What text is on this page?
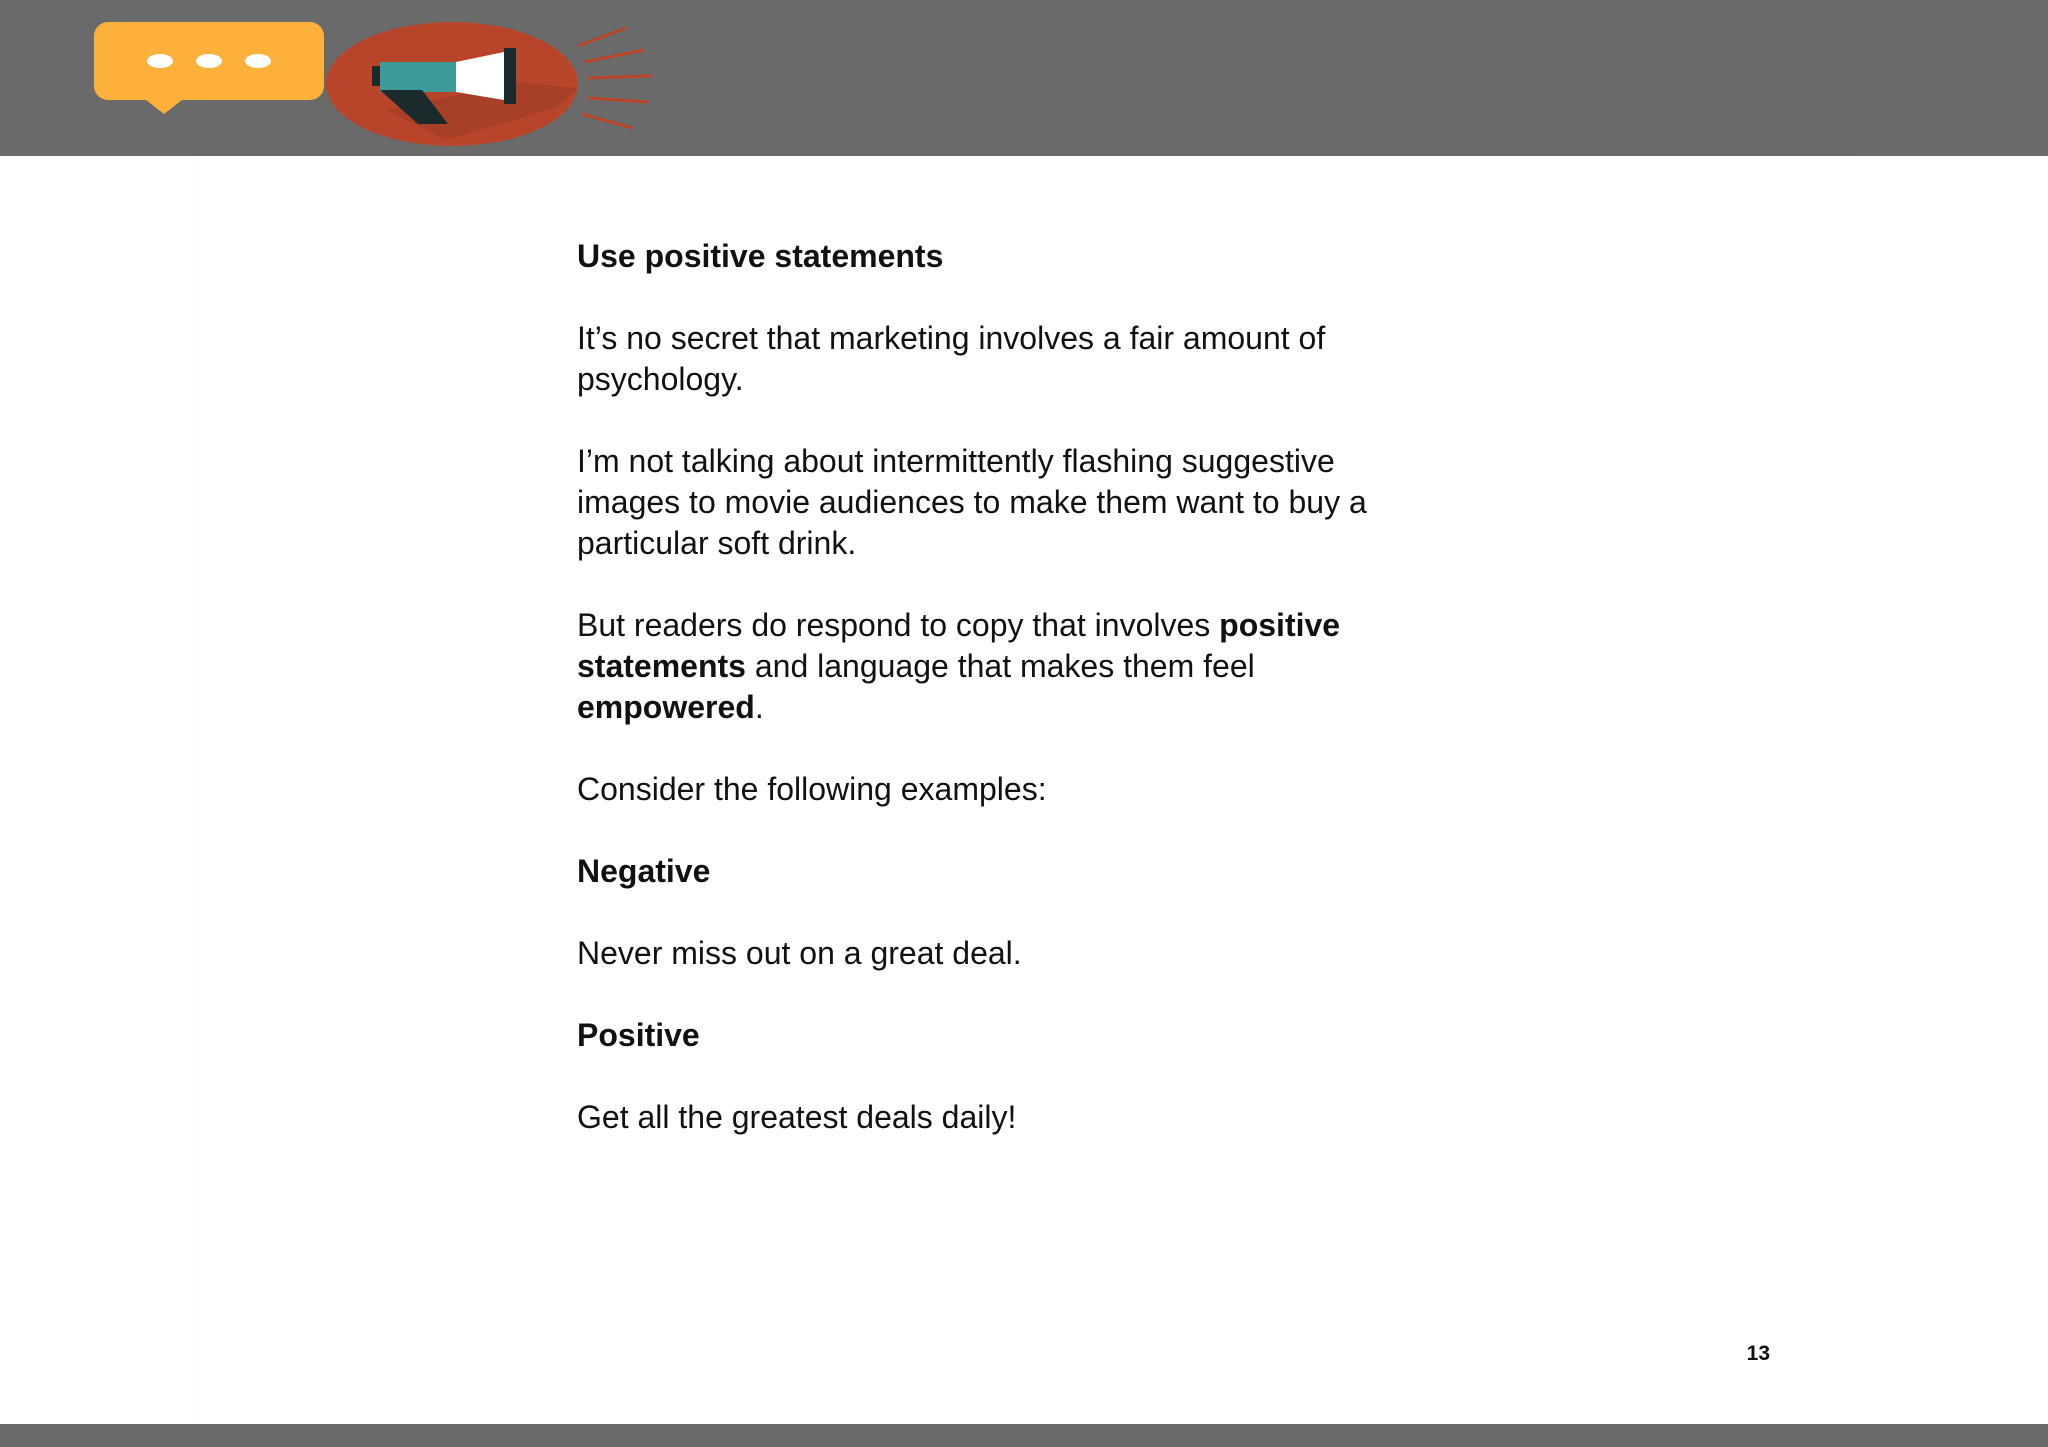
Use positive statements

It’s no secret that marketing involves a fair amount of psychology.

I’m not talking about intermittently flashing suggestive images to movie audiences to make them want to buy a particular soft drink.

But readers do respond to copy that involves positive statements and language that makes them feel empowered.

Consider the following examples:

Negative

Never miss out on a great deal.

Positive

Get all the greatest deals daily!

13
